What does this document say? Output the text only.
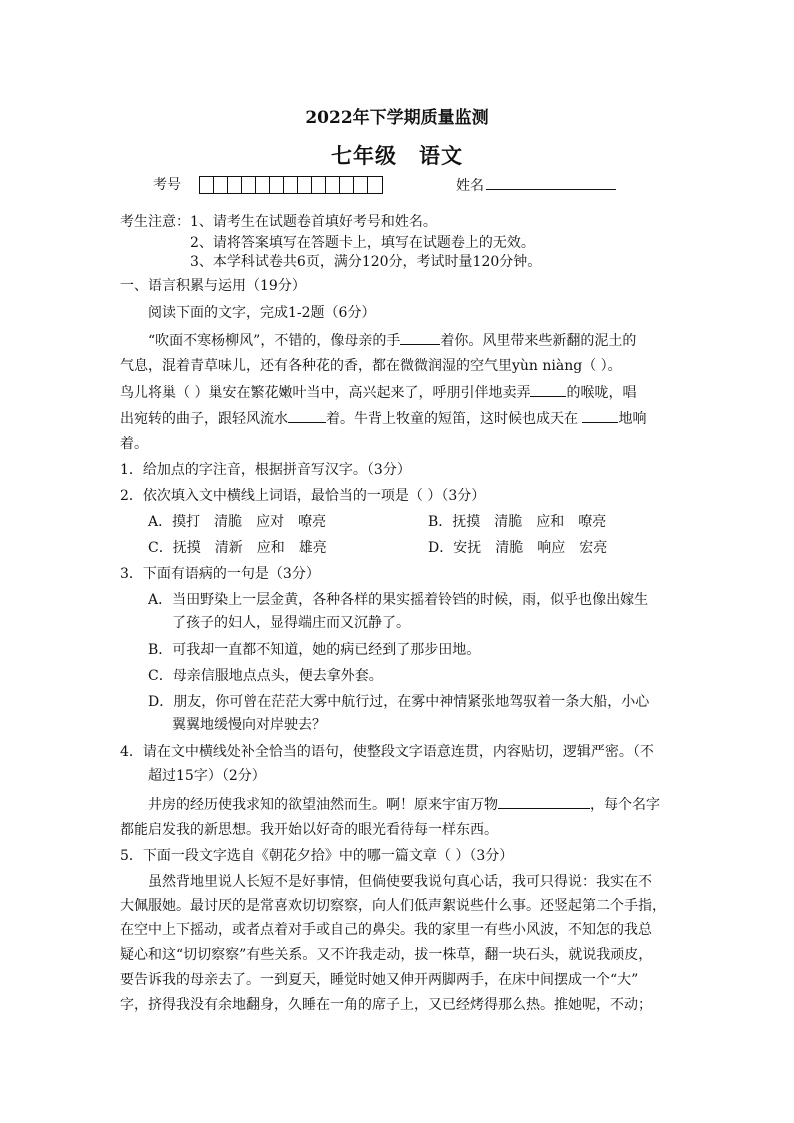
2022年下学期质量监测
七年级 语文
考号	姓名
考生注意：1、请考生在试题卷首填好考号和姓名。
2、请将答案填写在答题卡上，填写在试题卷上的无效。
3、本学科试卷共6页，满分120分，考试时量120分钟。
一、语言积累与运用（19分）
阅读下面的文字，完成1-2题（6分）
“吹面不寒杨柳风”，不错的，像母亲的手	着你。风里带来些新翻的泥土的
气息，混着青草味儿，还有各种花的香，都在微微润湿的空气里yùn niàng（ ）。
鸟儿将巢（ ）巢安在繁花嫩叶当中，高兴起来了，呼朋引伴地卖弄	的喉咙，唱
出宛转的曲子，跟轻风流水	着。牛背上牧童的短笛，这时候也成天在	地响
着。
1．给加点的字注音，根据拼音写汉字。（3分）
2．依次填入文中横线上词语，最恰当的一项是（ ）（3分）
A．摸打　清脆　应对　嘹亮	B．抚摸　清脆　应和　嘹亮
C．抚摸　清新　应和　雄亮	D．安抚　清脆　响应　宏亮
3．下面有语病的一句是（3分）
A．当田野染上一层金黄，各种各样的果实摇着铃铛的时候，雨，似乎也像出嫁生
了孩子的妇人，显得端庄而又沉静了。
B．可我却一直都不知道，她的病已经到了那步田地。
C．母亲信服地点点头，便去拿外套。
D．朋友，你可曾在茫茫大雾中航行过，在雾中神情紧张地驾驭着一条大船，小心
翼翼地缓慢向对岸驶去？
4．请在文中横线处补全恰当的语句，使整段文字语意连贯，内容贴切，逻辑严密。（不
超过15字）（2分）
井房的经历使我求知的欲望油然而生。啊！原来宇宙万物	，每个名字
都能启发我的新思想。我开始以好奇的眼光看待每一样东西。
5．下面一段文字选自《朝花夕拾》中的哪一篇文章（ ）（3分）
虽然背地里说人长短不是好事情，但倘使要我说句真心话，我可只得说：我实在不
大佩服她。最讨厌的是常喜欢切切察察，向人们低声絮说些什么事。还竖起第二个手指，
在空中上下摇动，或者点着对手或自己的鼻尖。我的家里一有些小风波，不知怎的我总
疑心和这“切切察察”有些关系。又不许我走动，拔一株草，翻一块石头，就说我顽皮，
要告诉我的母亲去了。一到夏天，睡觉时她又伸开两脚两手，在床中间摆成一个“大”
字，挤得我没有余地翻身，久睡在一角的席子上，又已经烤得那么热。推她呢，不动；
